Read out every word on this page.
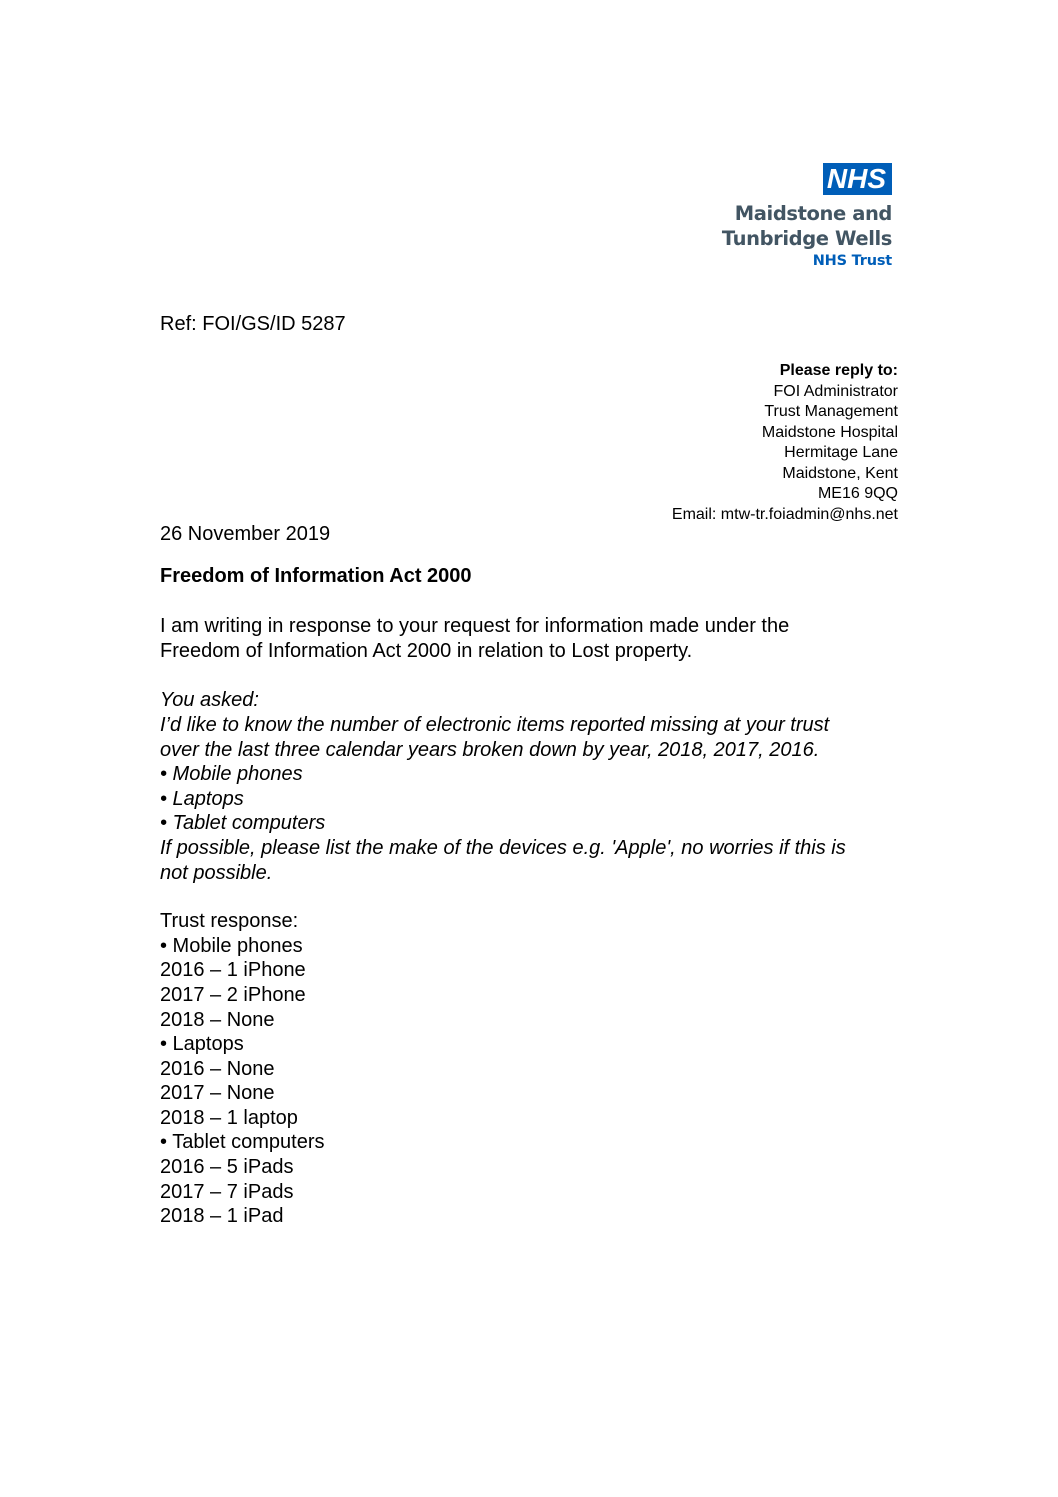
NHS
Maidstone and
Tunbridge Wells
NHS Trust
Ref: FOI/GS/ID 5287
Please reply to:
FOI Administrator
Trust Management
Maidstone Hospital
Hermitage Lane
Maidstone, Kent
ME16 9QQ
Email: mtw-tr.foiadmin@nhs.net

26 November 2019

Freedom of Information Act 2000

I am writing in response to your request for information made under the
Freedom of Information Act 2000 in relation to Lost property.

You asked:
I’d like to know the number of electronic items reported missing at your trust
over the last three calendar years broken down by year, 2018, 2017, 2016.
• Mobile phones
• Laptops
• Tablet computers
If possible, please list the make of the devices e.g. 'Apple', no worries if this is
not possible.

Trust response:
• Mobile phones
2016 – 1 iPhone
2017 – 2 iPhone
2018 – None
• Laptops
2016 – None
2017 – None
2018 – 1 laptop
• Tablet computers
2016 – 5 iPads
2017 – 7 iPads
2018 – 1 iPad
